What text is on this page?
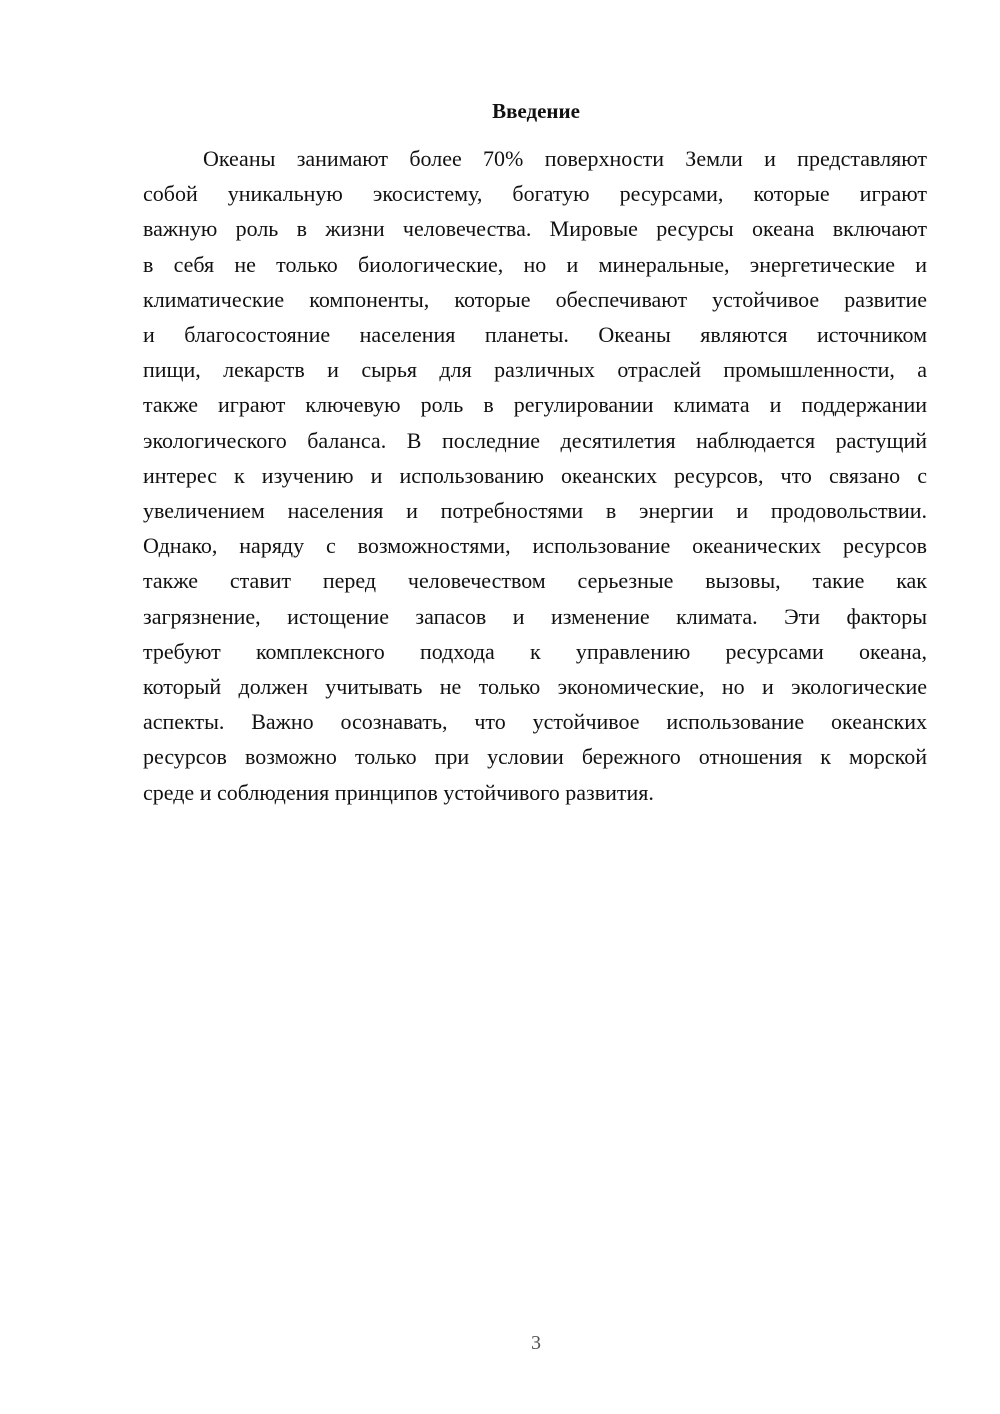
Введение
Океаны занимают более 70% поверхности Земли и представляют
собой уникальную экосистему, богатую ресурсами, которые играют
важную роль в жизни человечества. Мировые ресурсы океана включают
в себя не только биологические, но и минеральные, энергетические и
климатические компоненты, которые обеспечивают устойчивое развитие
и благосостояние населения планеты. Океаны являются источником
пищи, лекарств и сырья для различных отраслей промышленности, а
также играют ключевую роль в регулировании климата и поддержании
экологического баланса. В последние десятилетия наблюдается растущий
интерес к изучению и использованию океанских ресурсов, что связано с
увеличением населения и потребностями в энергии и продовольствии.
Однако, наряду с возможностями, использование океанических ресурсов
также ставит перед человечеством серьезные вызовы, такие как
загрязнение, истощение запасов и изменение климата. Эти факторы
требуют комплексного подхода к управлению ресурсами океана,
который должен учитывать не только экономические, но и экологические
аспекты. Важно осознавать, что устойчивое использование океанских
ресурсов возможно только при условии бережного отношения к морской
среде и соблюдения принципов устойчивого развития.
3
